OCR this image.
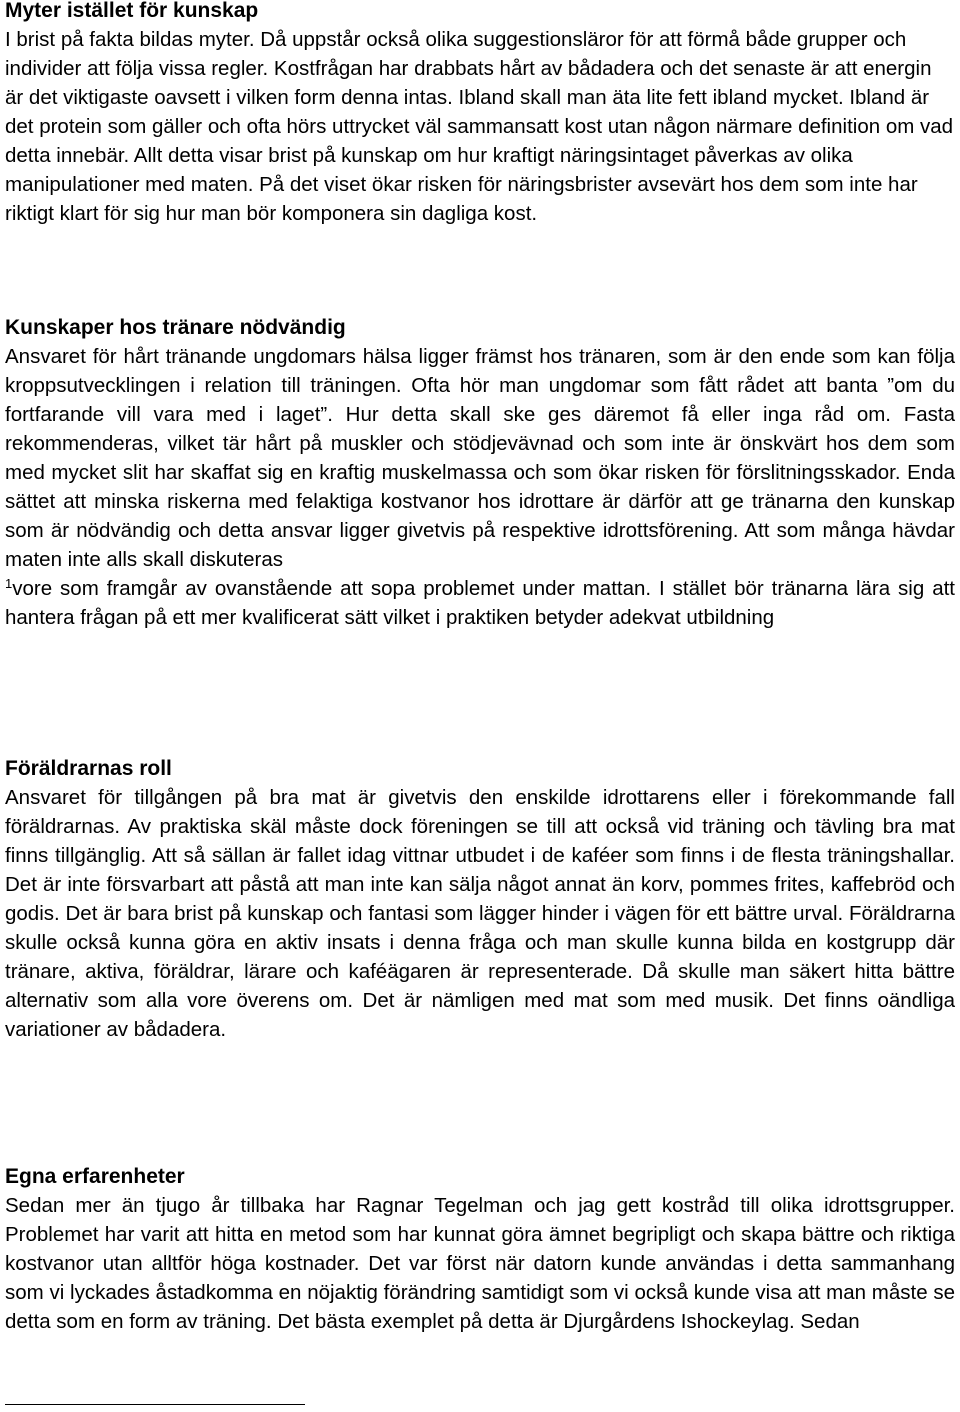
Myter istället för kunskap

I brist på fakta bildas myter. Då uppstår också olika suggestionsläror för att förmå både grupper och individer att följa vissa regler. Kostfrågan har drabbats hårt av bådadera och det senaste är att energin är det viktigaste oavsett i vilken form denna intas. Ibland skall man äta lite fett ibland mycket. Ibland är det protein som gäller och ofta hörs uttrycket väl sammansatt kost utan någon närmare definition om vad detta innebär. Allt detta visar brist på kunskap om hur kraftigt näringsintaget påverkas av olika manipulationer med maten. På det viset ökar risken för näringsbrister avsevärt hos dem som inte har riktigt klart för sig hur man bör komponera sin dagliga kost.

Kunskaper hos tränare nödvändig

Ansvaret för hårt tränande ungdomars hälsa ligger främst hos tränaren, som är den ende som kan följa kroppsutvecklingen i relation till träningen. Ofta hör man ungdomar som fått rådet att banta ”om du fortfarande vill vara med i laget”. Hur detta skall ske ges däremot få eller inga råd om. Fasta rekommenderas, vilket tär hårt på muskler och stödjevävnad och som inte är önskvärt hos dem som med mycket slit har skaffat sig en kraftig muskelmassa och som ökar risken för förslitningsskador. Enda sättet att minska riskerna med felaktiga kostvanor hos idrottare är därför att ge tränarna den kunskap som är nödvändig och detta ansvar ligger givetvis på respektive idrottsförening. Att som många hävdar maten inte alls skall diskuteras
$^1$vore som framgår av ovanstående att sopa problemet under mattan. I stället bör tränarna lära sig att hantera frågan på ett mer kvalificerat sätt vilket i praktiken betyder adekvat utbildning

Föräldrarnas roll

Ansvaret för tillgången på bra mat är givetvis den enskilde idrottarens eller i förekommande fall föräldrarnas. Av praktiska skäl måste dock föreningen se till att också vid träning och tävling bra mat finns tillgänglig. Att så sällan är fallet idag vittnar utbudet i de kaféer som finns i de flesta träningshallar. Det är inte försvarbart att påstå att man inte kan sälja något annat än korv, pommes frites, kaffebröd och godis. Det är bara brist på kunskap och fantasi som lägger hinder i vägen för ett bättre urval. Föräldrarna skulle också kunna göra en aktiv insats i denna fråga och man skulle kunna bilda en kostgrupp där tränare, aktiva, föräldrar, lärare och kaféägaren är representerade. Då skulle man säkert hitta bättre alternativ som alla vore överens om. Det är nämligen med mat som med musik. Det finns oändliga variationer av bådadera.

Egna erfarenheter

Sedan mer än tjugo år tillbaka har Ragnar Tegelman och jag gett kostråd till olika idrottsgrupper. Problemet har varit att hitta en metod som har kunnat göra ämnet begripligt och skapa bättre och riktiga kostvanor utan alltför höga kostnader. Det var först när datorn kunde användas i detta sammanhang som vi lyckades åstadkomma en nöjaktig förändring samtidigt som vi också kunde visa att man måste se detta som en form av träning. Det bästa exemplet på detta är Djurgårdens Ishockeylag. Sedan
